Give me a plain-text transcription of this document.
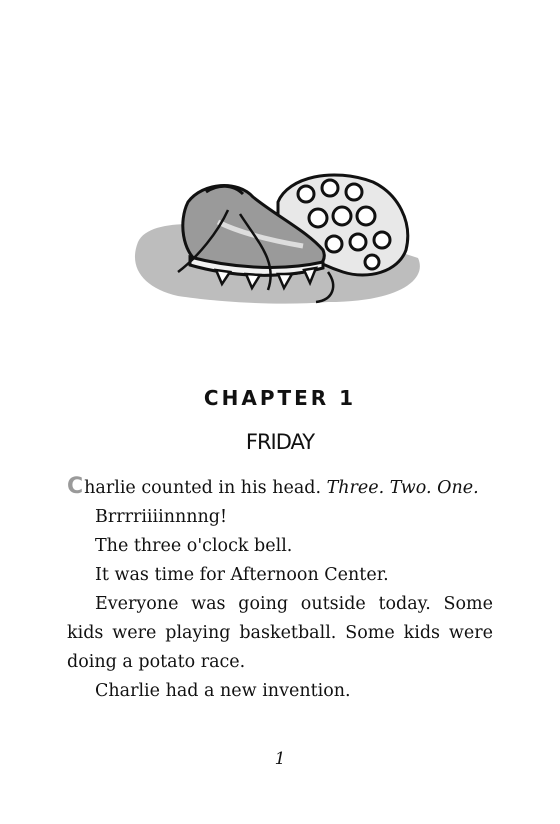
CHAPTER 1
FRIDAY

Charlie counted in his head. Three. Two. One.

Brrrriiiinnnng!

The three o'clock bell.

It was time for Afternoon Center.

Everyone was going outside today. Some kids were playing basketball. Some kids were doing a potato race.

Charlie had a new invention.

1
